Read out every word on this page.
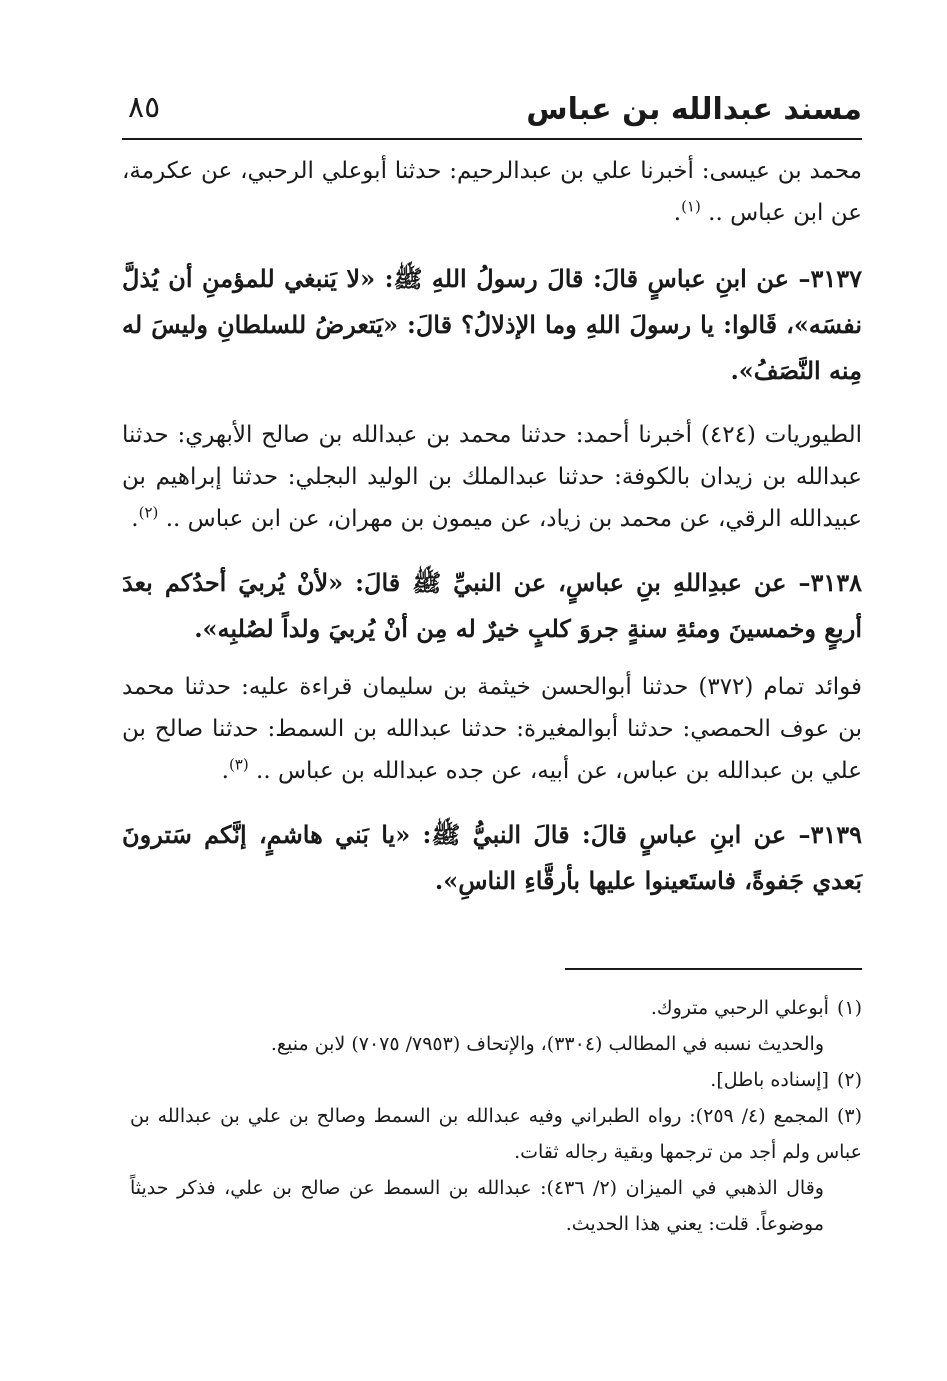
مسند عبدالله بن عباس
٨٥

محمد بن عيسى: أخبرنا علي بن عبدالرحيم: حدثنا أبوعلي الرحبي، عن عكرمة، عن ابن عباس .. $^{(١)}$.

٣١٣٧– عن ابنِ عباسٍ قالَ: قالَ رسولُ اللهِ ﷺ: «لا يَنبغي للمؤمنِ أن يُذلَّ نفسَه»، قَالوا: يا رسولَ اللهِ وما الإذلالُ؟ قالَ: «يَتعرضُ للسلطانِ وليسَ له مِنه النَّصَفُ».

الطيوريات (٤٢٤) أخبرنا أحمد: حدثنا محمد بن عبدالله بن صالح الأبهري: حدثنا عبدالله بن زيدان بالكوفة: حدثنا عبدالملك بن الوليد البجلي: حدثنا إبراهيم بن عبيدالله الرقي، عن محمد بن زياد، عن ميمون بن مهران، عن ابن عباس .. $^{(٢)}$.

٣١٣٨– عن عبدِاللهِ بنِ عباسٍ، عن النبيِّ ﷺ قالَ: «لأنْ يُربيَ أحدُكم بعدَ أربعٍ وخمسينَ ومئةِ سنةٍ جروَ كلبٍ خيرٌ له مِن أنْ يُربيَ ولداً لصُلبِه».

فوائد تمام (٣٧٢) حدثنا أبوالحسن خيثمة بن سليمان قراءة عليه: حدثنا محمد بن عوف الحمصي: حدثنا أبوالمغيرة: حدثنا عبدالله بن السمط: حدثنا صالح بن علي بن عبدالله بن عباس، عن أبيه، عن جده عبدالله بن عباس .. $^{(٣)}$.

٣١٣٩– عن ابنِ عباسٍ قالَ: قالَ النبيُّ ﷺ: «يا بَني هاشمٍ، إنَّكم سَترونَ بَعدي جَفوةً، فاستَعينوا عليها بأرقَّاءِ الناسِ».

(١)أبوعلي الرحبي متروك.

والحديث نسبه في المطالب (٣٣٠٤)، والإتحاف (٧٩٥٣/ ٧٠٧٥) لابن منيع.

(٢)[إسناده باطل].

(٣)المجمع (٤/ ٢٥٩): رواه الطبراني وفيه عبدالله بن السمط وصالح بن علي بن عبدالله بن عباس ولم أجد من ترجمها وبقية رجاله ثقات.

وقال الذهبي في الميزان (٢/ ٤٣٦): عبدالله بن السمط عن صالح بن علي، فذكر حديثاً موضوعاً. قلت: يعني هذا الحديث.
